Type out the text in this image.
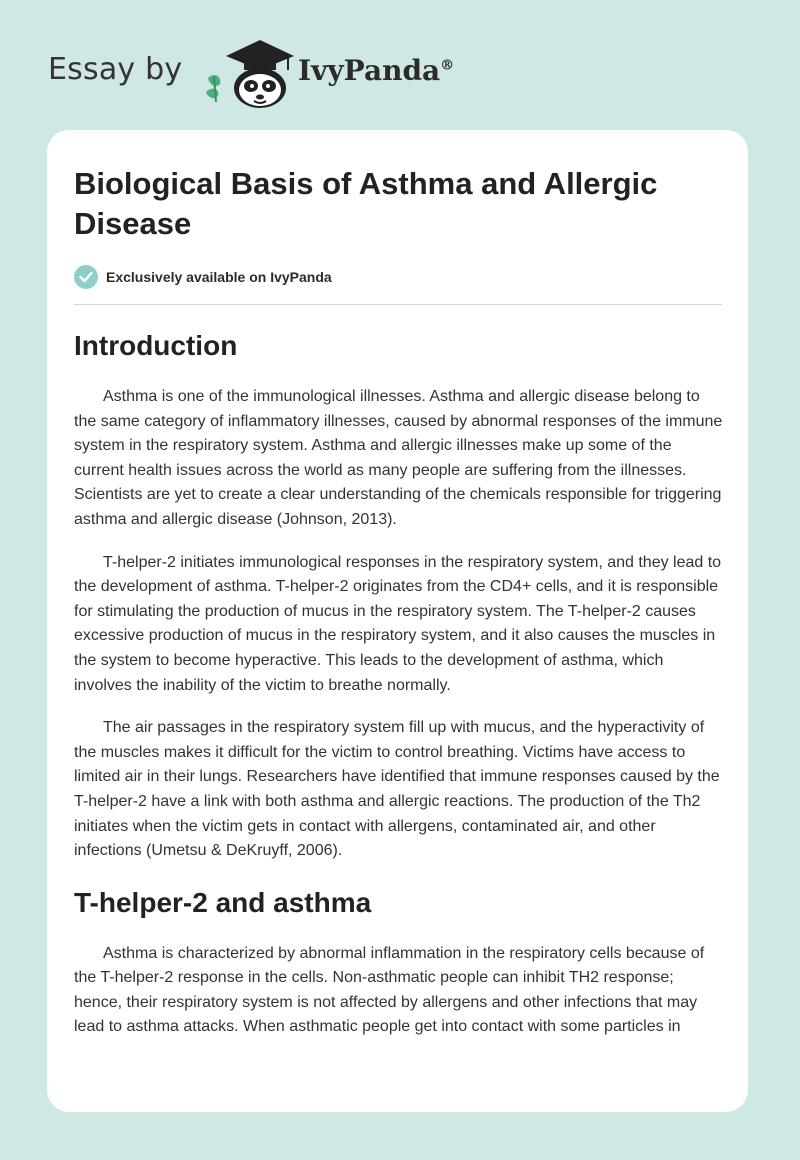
Essay by	IvyPanda®
Biological Basis of Asthma and Allergic Disease
Exclusively available on IvyPanda
Introduction

Asthma is one of the immunological illnesses. Asthma and allergic disease belong to the same category of inflammatory illnesses, caused by abnormal responses of the immune system in the respiratory system. Asthma and allergic illnesses make up some of the current health issues across the world as many people are suffering from the illnesses. Scientists are yet to create a clear understanding of the chemicals responsible for triggering asthma and allergic disease (Johnson, 2013).

T-helper-2 initiates immunological responses in the respiratory system, and they lead to the development of asthma. T-helper-2 originates from the CD4+ cells, and it is responsible for stimulating the production of mucus in the respiratory system. The T-helper-2 causes excessive production of mucus in the respiratory system, and it also causes the muscles in the system to become hyperactive. This leads to the development of asthma, which involves the inability of the victim to breathe normally.

The air passages in the respiratory system fill up with mucus, and the hyperactivity of the muscles makes it difficult for the victim to control breathing. Victims have access to limited air in their lungs. Researchers have identified that immune responses caused by the T-helper-2 have a link with both asthma and allergic reactions. The production of the Th2 initiates when the victim gets in contact with allergens, contaminated air, and other infections (Umetsu & DeKruyff, 2006).

T-helper-2 and asthma

Asthma is characterized by abnormal inflammation in the respiratory cells because of the T-helper-2 response in the cells. Non-asthmatic people can inhibit TH2 response; hence, their respiratory system is not affected by allergens and other infections that may lead to asthma attacks. When asthmatic people get into contact with some particles in
